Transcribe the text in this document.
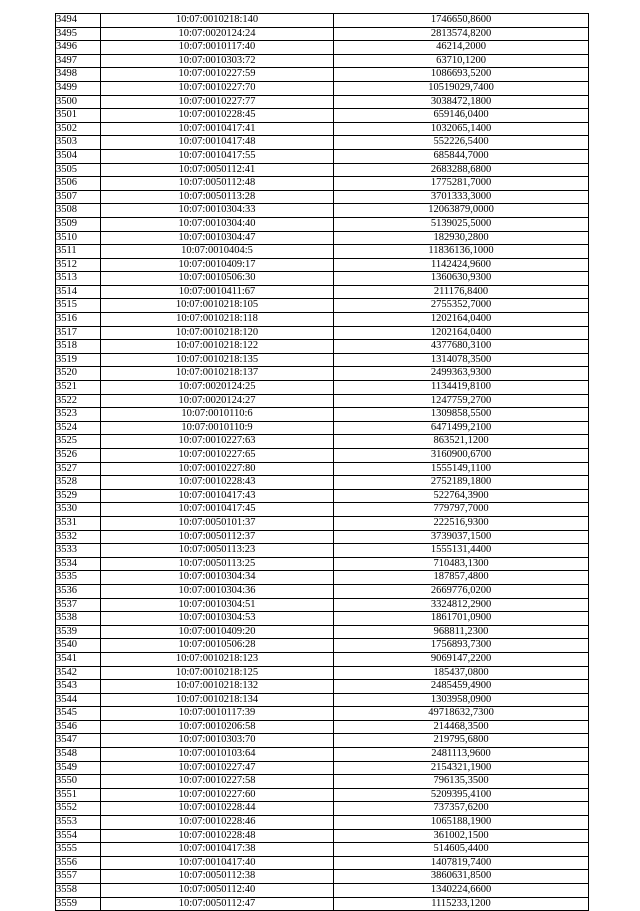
3494	10:07:0010218:140	1746650,8600
3495	10:07:0020124:24	2813574,8200
3496	10:07:0010117:40	46214,2000
3497	10:07:0010303:72	63710,1200
3498	10:07:0010227:59	1086693,5200
3499	10:07:0010227:70	10519029,7400
3500	10:07:0010227:77	3038472,1800
3501	10:07:0010228:45	659146,0400
3502	10:07:0010417:41	1032065,1400
3503	10:07:0010417:48	552226,5400
3504	10:07:0010417:55	685844,7000
3505	10:07:0050112:41	2683288,6800
3506	10:07:0050112:48	1775281,7000
3507	10:07:0050113:28	3701333,3000
3508	10:07:0010304:33	12063879,0000
3509	10:07:0010304:40	5139025,5000
3510	10:07:0010304:47	182930,2800
3511	10:07:0010404:5	11836136,1000
3512	10:07:0010409:17	1142424,9600
3513	10:07:0010506:30	1360630,9300
3514	10:07:0010411:67	211176,8400
3515	10:07:0010218:105	2755352,7000
3516	10:07:0010218:118	1202164,0400
3517	10:07:0010218:120	1202164,0400
3518	10:07:0010218:122	4377680,3100
3519	10:07:0010218:135	1314078,3500
3520	10:07:0010218:137	2499363,9300
3521	10:07:0020124:25	1134419,8100
3522	10:07:0020124:27	1247759,2700
3523	10:07:0010110:6	1309858,5500
3524	10:07:0010110:9	6471499,2100
3525	10:07:0010227:63	863521,1200
3526	10:07:0010227:65	3160900,6700
3527	10:07:0010227:80	1555149,1100
3528	10:07:0010228:43	2752189,1800
3529	10:07:0010417:43	522764,3900
3530	10:07:0010417:45	779797,7000
3531	10:07:0050101:37	222516,9300
3532	10:07:0050112:37	3739037,1500
3533	10:07:0050113:23	1555131,4400
3534	10:07:0050113:25	710483,1300
3535	10:07:0010304:34	187857,4800
3536	10:07:0010304:36	2669776,0200
3537	10:07:0010304:51	3324812,2900
3538	10:07:0010304:53	1861701,0900
3539	10:07:0010409:20	968811,2300
3540	10:07:0010506:28	1756893,7300
3541	10:07:0010218:123	9069147,2200
3542	10:07:0010218:125	185437,0800
3543	10:07:0010218:132	2485459,4900
3544	10:07:0010218:134	1303958,0900
3545	10:07:0010117:39	49718632,7300
3546	10:07:0010206:58	214468,3500
3547	10:07:0010303:70	219795,6800
3548	10:07:0010103:64	2481113,9600
3549	10:07:0010227:47	2154321,1900
3550	10:07:0010227:58	796135,3500
3551	10:07:0010227:60	5209395,4100
3552	10:07:0010228:44	737357,6200
3553	10:07:0010228:46	1065188,1900
3554	10:07:0010228:48	361002,1500
3555	10:07:0010417:38	514605,4400
3556	10:07:0010417:40	1407819,7400
3557	10:07:0050112:38	3860631,8500
3558	10:07:0050112:40	1340224,6600
3559	10:07:0050112:47	1115233,1200
